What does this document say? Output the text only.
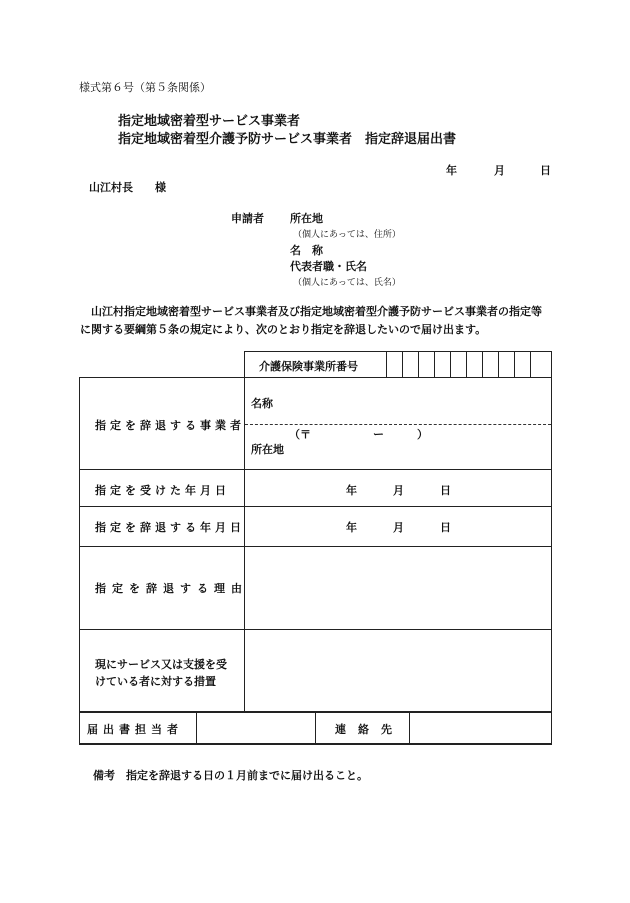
様式第６号（第５条関係）
指定地域密着型サービス事業者
指定地域密着型介護予防サービス事業者　指定辞退届出書
年	月	日
山江村長　　様
申請者 所在地
（個人にあっては、住所）
名　称
代表者職・氏名
（個人にあっては、氏名）
山江村指定地域密着型サービス事業者及び指定地域密着型介護予防サービス事業者の指定等に関する要綱第５条の規定により、次のとおり指定を辞退したいので届け出ます。
介護保険事業所番号
指定を辞退する事業者
名称
（〒	ー	）
所在地
指定を受けた年月日	年	月	日
指定を辞退する年月日	年	月	日
指定を辞退する理由
現にサービス又は支援を受
けている者に対する措置
届出書担当者	連絡先
備考　指定を辞退する日の１月前までに届け出ること。
